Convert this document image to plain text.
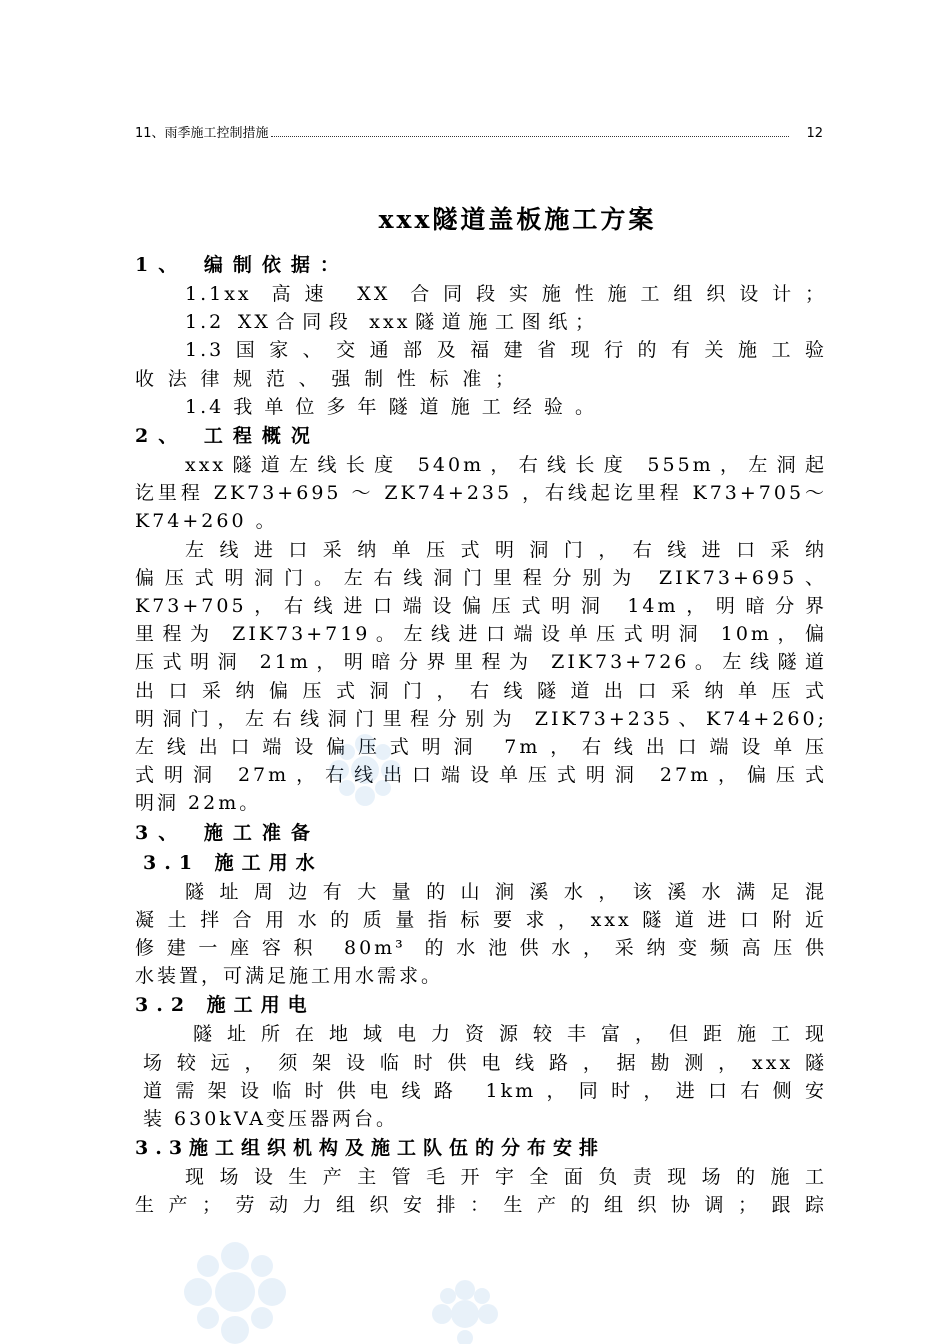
11、雨季施工控制措施	12
xxx隧道盖板施工方案
1、 编制依据：
1.1xx 高速 XX 合同段实施性施工组织设计；
1.2 XX合同段 xxx隧道施工图纸；
1.3国家、交通部及福建省现行的有关施工验
收法律规范、强制性标准；
1.4我单位多年隧道施工经验。
2、 工程概况
xxx隧道左线长度 540m，右线长度 555m，左洞起
讫里程 ZK73+695 ～ ZK74+235 ，右线起讫里程 K73+705～
K74+260 。
左线进口采纳单压式明洞门，右线进口采纳
偏压式明洞门。左右线洞门里程分别为 ZIK73+695、
K73+705，右线进口端设偏压式明洞 14m，明暗分界
里程为 ZIK73+719。左线进口端设单压式明洞 10m，偏
压式明洞 21m，明暗分界里程为 ZIK73+726。左线隧道
出口采纳偏压式洞门，右线隧道出口采纳单压式
明洞门，左右线洞门里程分别为 ZIK73+235、K74+260;
左线出口端设偏压式明洞 7m，右线出口端设单压
式明洞 27m，右线出口端设单压式明洞 27m，偏压式
明洞 22m。
3、 施工准备
3.1 施工用水
隧址周边有大量的山涧溪水，该溪水满足混
凝土拌合用水的质量指标要求，xxx隧道进口附近
修建一座容积 80m³ 的水池供水，采纳变频高压供
水装置，可满足施工用水需求。
3.2 施工用电
隧址所在地域电力资源较丰富，但距施工现
场较远，须架设临时供电线路，据勘测，xxx隧
道需架设临时供电线路 1km，同时，进口右侧安
装 630kVA变压器两台。
3.3施工组织机构及施工队伍的分布安排
现场设生产主管毛开宇全面负责现场的施工
生产；劳动力组织安排：生产的组织协调；跟踪
